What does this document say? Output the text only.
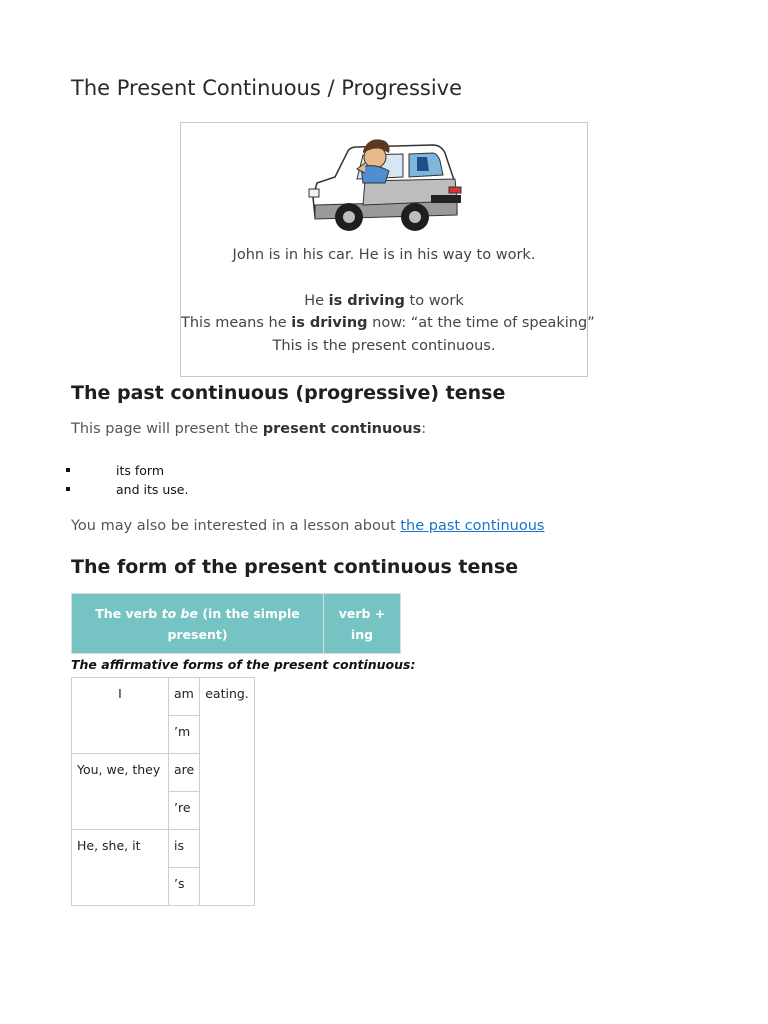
The Present Continuous / Progressive
John is in his car. He is in his way to work.
He is driving to work
This means he is driving now: “at the time of speaking”
This is the present continuous.
The past continuous (progressive) tense
This page will present the present continuous:
its form
and its use.
You may also be interested in a lesson about the past continuous
The form of the present continuous tense
The verb to be (in the simple present)	verb + ing
The affirmative forms of the present continuous:
I	am	eating.
	’m	
You, we, they	are	
	’re	
He, she, it	is	
	’s	
